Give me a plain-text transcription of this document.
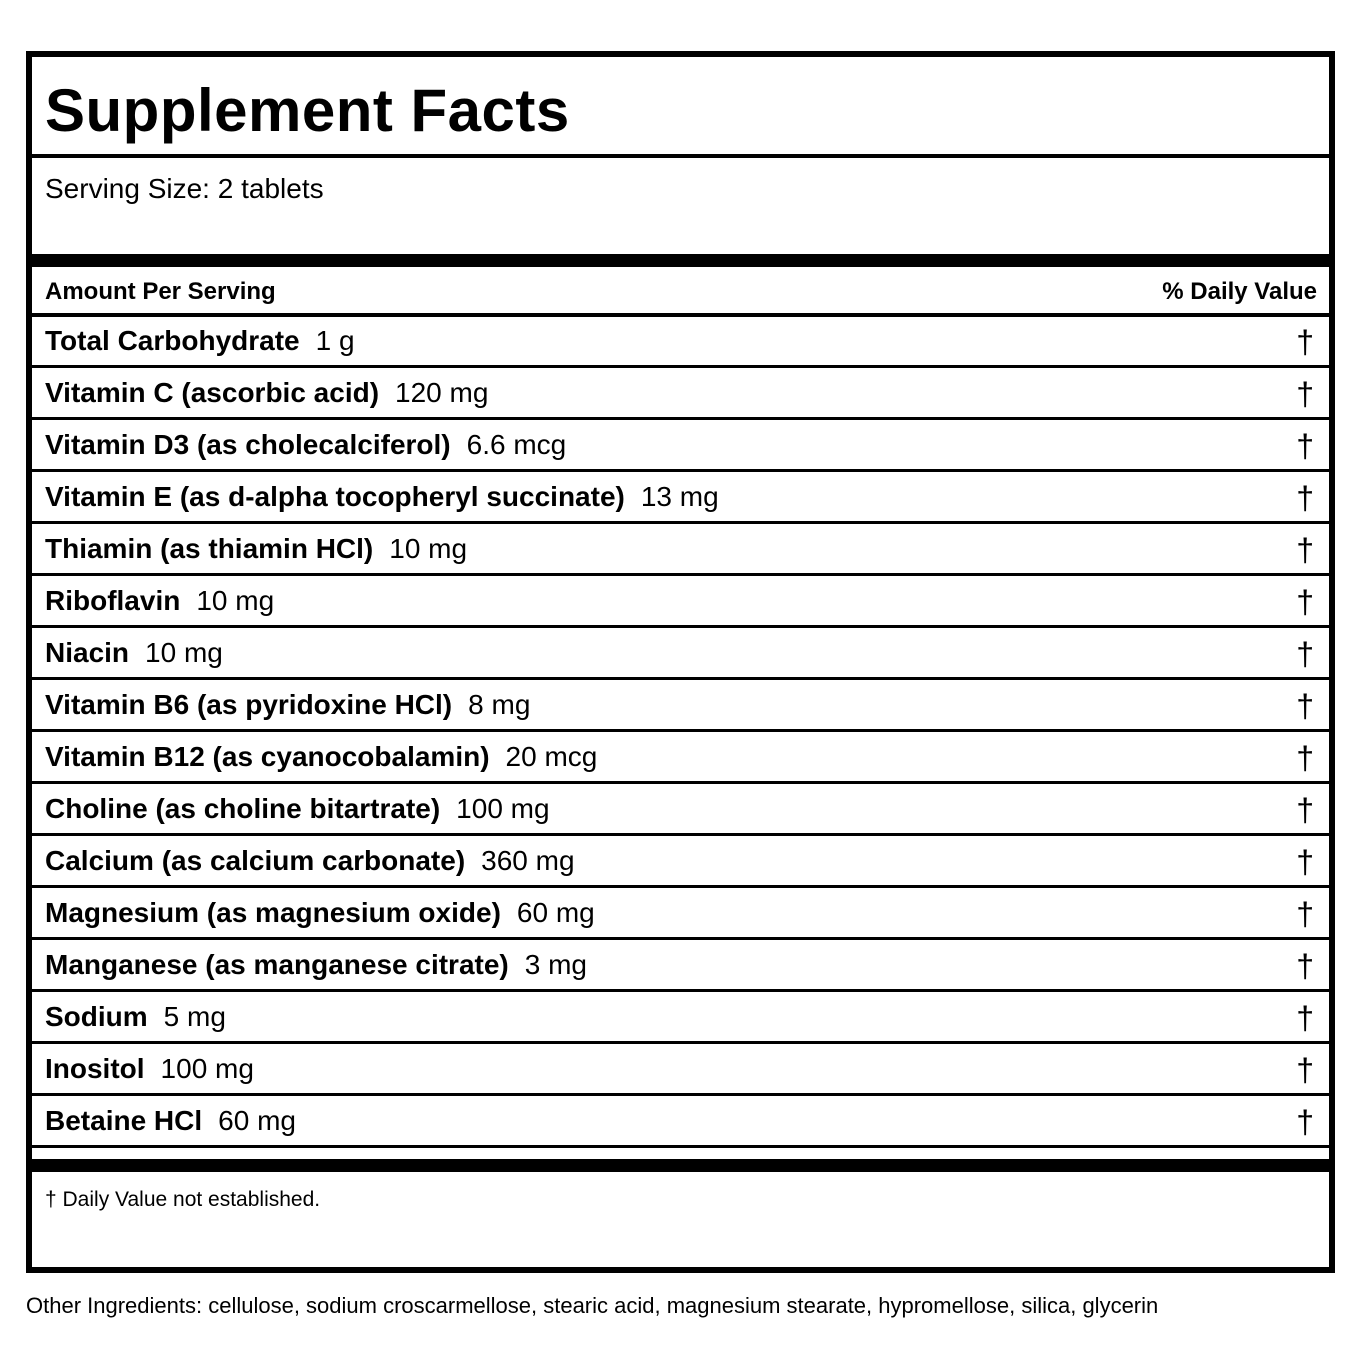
Supplement Facts
Serving Size: 2 tablets
Amount Per Serving	% Daily Value
Total Carbohydrate 1 g	†
Vitamin C (ascorbic acid) 120 mg	†
Vitamin D3 (as cholecalciferol) 6.6 mcg	†
Vitamin E (as d-alpha tocopheryl succinate) 13 mg	†
Thiamin (as thiamin HCl) 10 mg	†
Riboflavin 10 mg	†
Niacin 10 mg	†
Vitamin B6 (as pyridoxine HCl) 8 mg	†
Vitamin B12 (as cyanocobalamin) 20 mcg	†
Choline (as choline bitartrate) 100 mg	†
Calcium (as calcium carbonate) 360 mg	†
Magnesium (as magnesium oxide) 60 mg	†
Manganese (as manganese citrate) 3 mg	†
Sodium 5 mg	†
Inositol 100 mg	†
Betaine HCl 60 mg	†
† Daily Value not established.
Other Ingredients: cellulose, sodium croscarmellose, stearic acid, magnesium stearate, hypromellose, silica, glycerin
